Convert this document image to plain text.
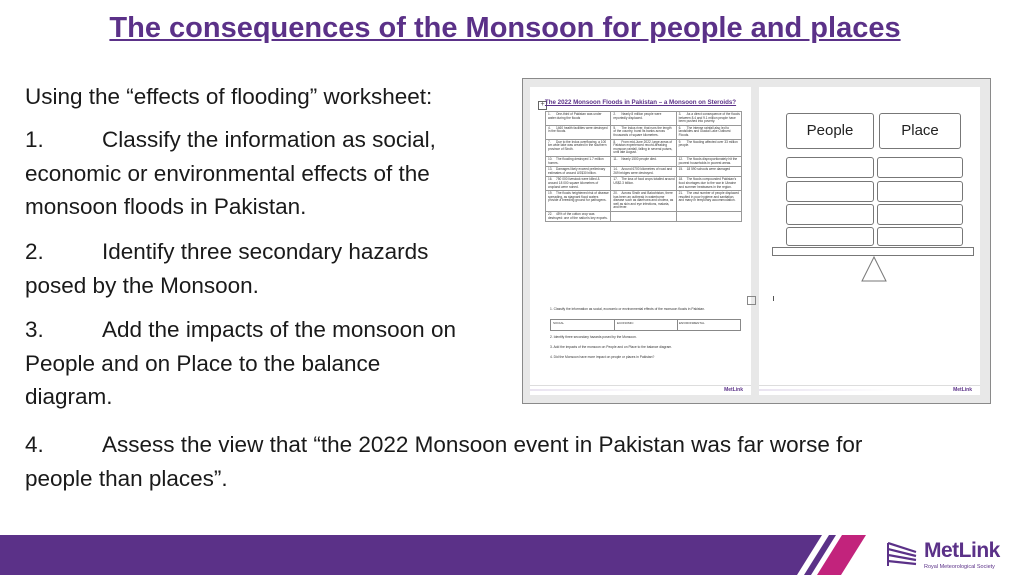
The consequences of the Monsoon for people and places
Using the “effects of flooding” worksheet:
1.	Classify the information as social,
economic or environmental effects of the
monsoon floods in Pakistan.
2.	Identify three secondary hazards
posed by the Monsoon.
3.	Add the impacts of the monsoon on
People and on Place to the balance
diagram.
4.	Assess the view that “the 2022 Monsoon event in Pakistan was far worse for
people than places”.
+ The 2022 Monsoon Floods in Pakistan – a Monsoon on Steroids?
1. One-third of Pakistan was under water during the floods	2. Nearly 8 million people were reportedly displaced.	3. As a direct consequence of the floods between 8.4 and 9.1 million people have been pushed into poverty.
4. 1460 health facilities were destroyed in the floods.	5. The Indus river, that runs the length of the country, burst its banks across thousands of square kilometres.	6. The intense rainfall also led to landslides and Glacial Lake Outburst Floods.
7. Due to the Indus overflowing, a 100 km wide lake was created in the southern province of Sindh.	8. From mid-June 2022, large areas of Pakistan experienced record-breaking monsoon rainfall, falling in several pulses, until late August.	9. The flooding affected over 33 million people.
10. The flooding destroyed 1.7 million homes.	11. Nearly 1500 people died.	12. The floods disproportionately hit the poorest households in poorest areas.
13. Damages likely exceed preliminary estimates of around US$30 billion.	14. Around 6700 kilometres of road and 269 bridges were destroyed.	15. 18 590 schools were damaged
16. 750 000 livestock were killed & around 18 000 square kilometres of cropland were ruined.	17. The loss of food crops totalled around US$2.3 billion.	18. The floods compounded Pakistan's food shortages due to the war in Ukraine and summer heatwaves in the region.
19. The floods heightened risk of disease spreading, as stagnant flood waters provide a breeding ground for pathogens.	20. Across Sindh and Balochistan, there has been an outbreak in waterborne disease such as diarrhoea and cholera, as well as skin and eye infections, malaria, and fever.	21. The vast number of people displaced resulted in poor hygiene and sanitation, and many in temporary accommodation.
22. 45% of the cotton crop was destroyed: one of the nation's key exports.		
1. Classify the information as social, economic or environmental effects of the monsoon floods in Pakistan.
SOCIAL	ECONOMIC	ENVIRONMENTAL
2. Identify three secondary hazards posed by the Monsoon.
3. Add the impacts of the monsoon on People and on Place to the balance diagram.
4. Did the Monsoon have more impact on people or places in Pakistan?
MetLink
People	Place
MetLink
MetLink
Royal Meteorological Society
